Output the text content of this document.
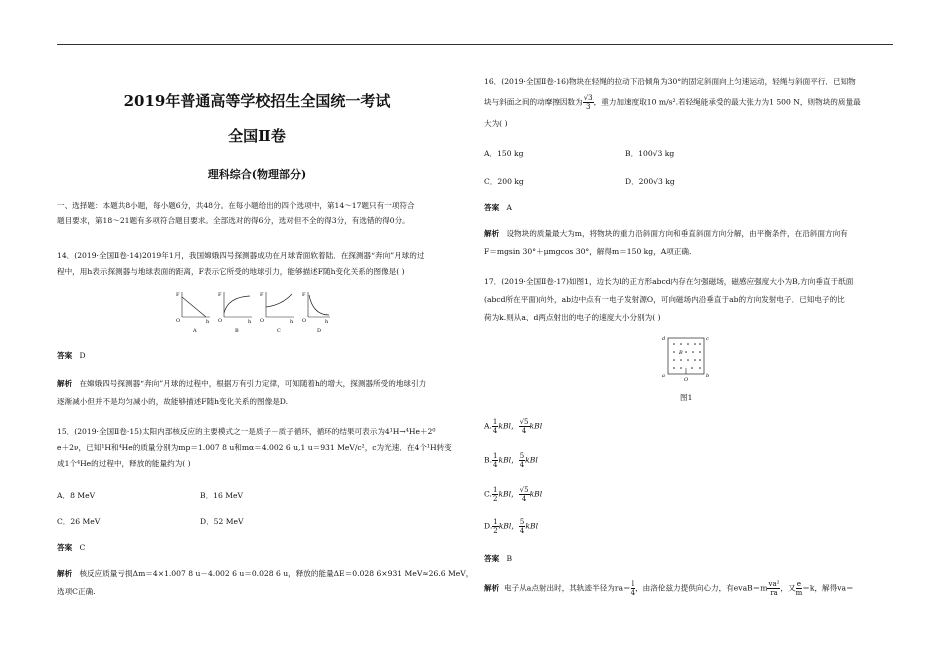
2019年普通高等学校招生全国统一考试
全国Ⅱ卷
理科综合(物理部分)
一、选择题：本题共8小题，每小题6分，共48分。在每小题给出的四个选项中，第14～17题只有一项符合
题目要求，第18～21题有多项符合题目要求。全部选对的得6分，选对但不全的得3分，有选错的得0分。
14．(2019·全国Ⅱ卷·14)2019年1月，我国嫦娥四号探测器成功在月球背面软着陆．在探测器“奔向”月球的过
程中，用h表示探测器与地球表面的距离，F表示它所受的地球引力，能够描述F随h变化关系的图像是( )
F
O	h
A
F
O	h
B
F
O	h
C
F
O	h
D
答案 D
解析 在嫦娥四号探测器“奔向”月球的过程中，根据万有引力定律，可知随着h的增大，探测器所受的地球引力
逐渐减小但并不是均匀减小的，故能够描述F随h变化关系的图像是D.
15．(2019·全国Ⅱ卷·15)太阳内部核反应的主要模式之一是质子－质子循环，循环的结果可表示为4¹H→⁴He＋2⁰
e＋2ν，已知¹H和⁴He的质量分别为mp＝1.007 8 u和mα＝4.002 6 u,1 u＝931 MeV/c²，c为光速．在4个¹H转变
成1个⁴He的过程中，释放的能量约为( )
A．8 MeV	B．16 MeV
C．26 MeV	D．52 MeV
答案 C
解析 核反应质量亏损Δm＝4×1.007 8 u－4.002 6 u＝0.028 6 u，释放的能量ΔE＝0.028 6×931 MeV≈26.6 MeV，
选项C正确.
16．(2019·全国Ⅱ卷·16)物块在轻绳的拉动下沿倾角为30°的固定斜面向上匀速运动，轻绳与斜面平行．已知物
块与斜面之间的动摩擦因数为 $\frac{√3}{3}$ ，重力加速度取10 m/s².若轻绳能承受的最大张力为1 500 N，则物块的质量最
大为( )
A．150 kg	B．100√3 kg
C．200 kg	D．200√3 kg
答案 A
解析 设物块的质量最大为m，将物块的重力沿斜面方向和垂直斜面方向分解，由平衡条件，在沿斜面方向有
F＝mgsin 30°＋μmgcos 30°，解得m＝150 kg，A项正确.
17．(2019·全国Ⅱ卷·17)如图1，边长为l的正方形abcd内存在匀强磁场，磁感应强度大小为B,方向垂直于纸面
(abcd所在平面)向外，ab边中点有一电子发射源O，可向磁场内沿垂直于ab的方向发射电子．已知电子的比
荷为k.则从a、d两点射出的电子的速度大小分别为( )
B
d	c
a	b
O
图1
A. $\frac{1}{4}$ kBl， $\frac{√5}{4}$ kBl
B. $\frac{1}{4}$ kBl， $\frac{5}{4}$ kBl
C. $\frac{1}{2}$ kBl， $\frac{√5}{4}$ kBl
D. $\frac{1}{2}$ kBl， $\frac{5}{4}$ kBl
答案 B
解析 电子从a点射出时，其轨迹半径为$ra= \frac{l}{4}$ ，由洛伦兹力提供向心力，有evaB＝m $\frac{\text{va²}}{ra}$ ，又 $\frac{e}{m} =k$，解得va＝
